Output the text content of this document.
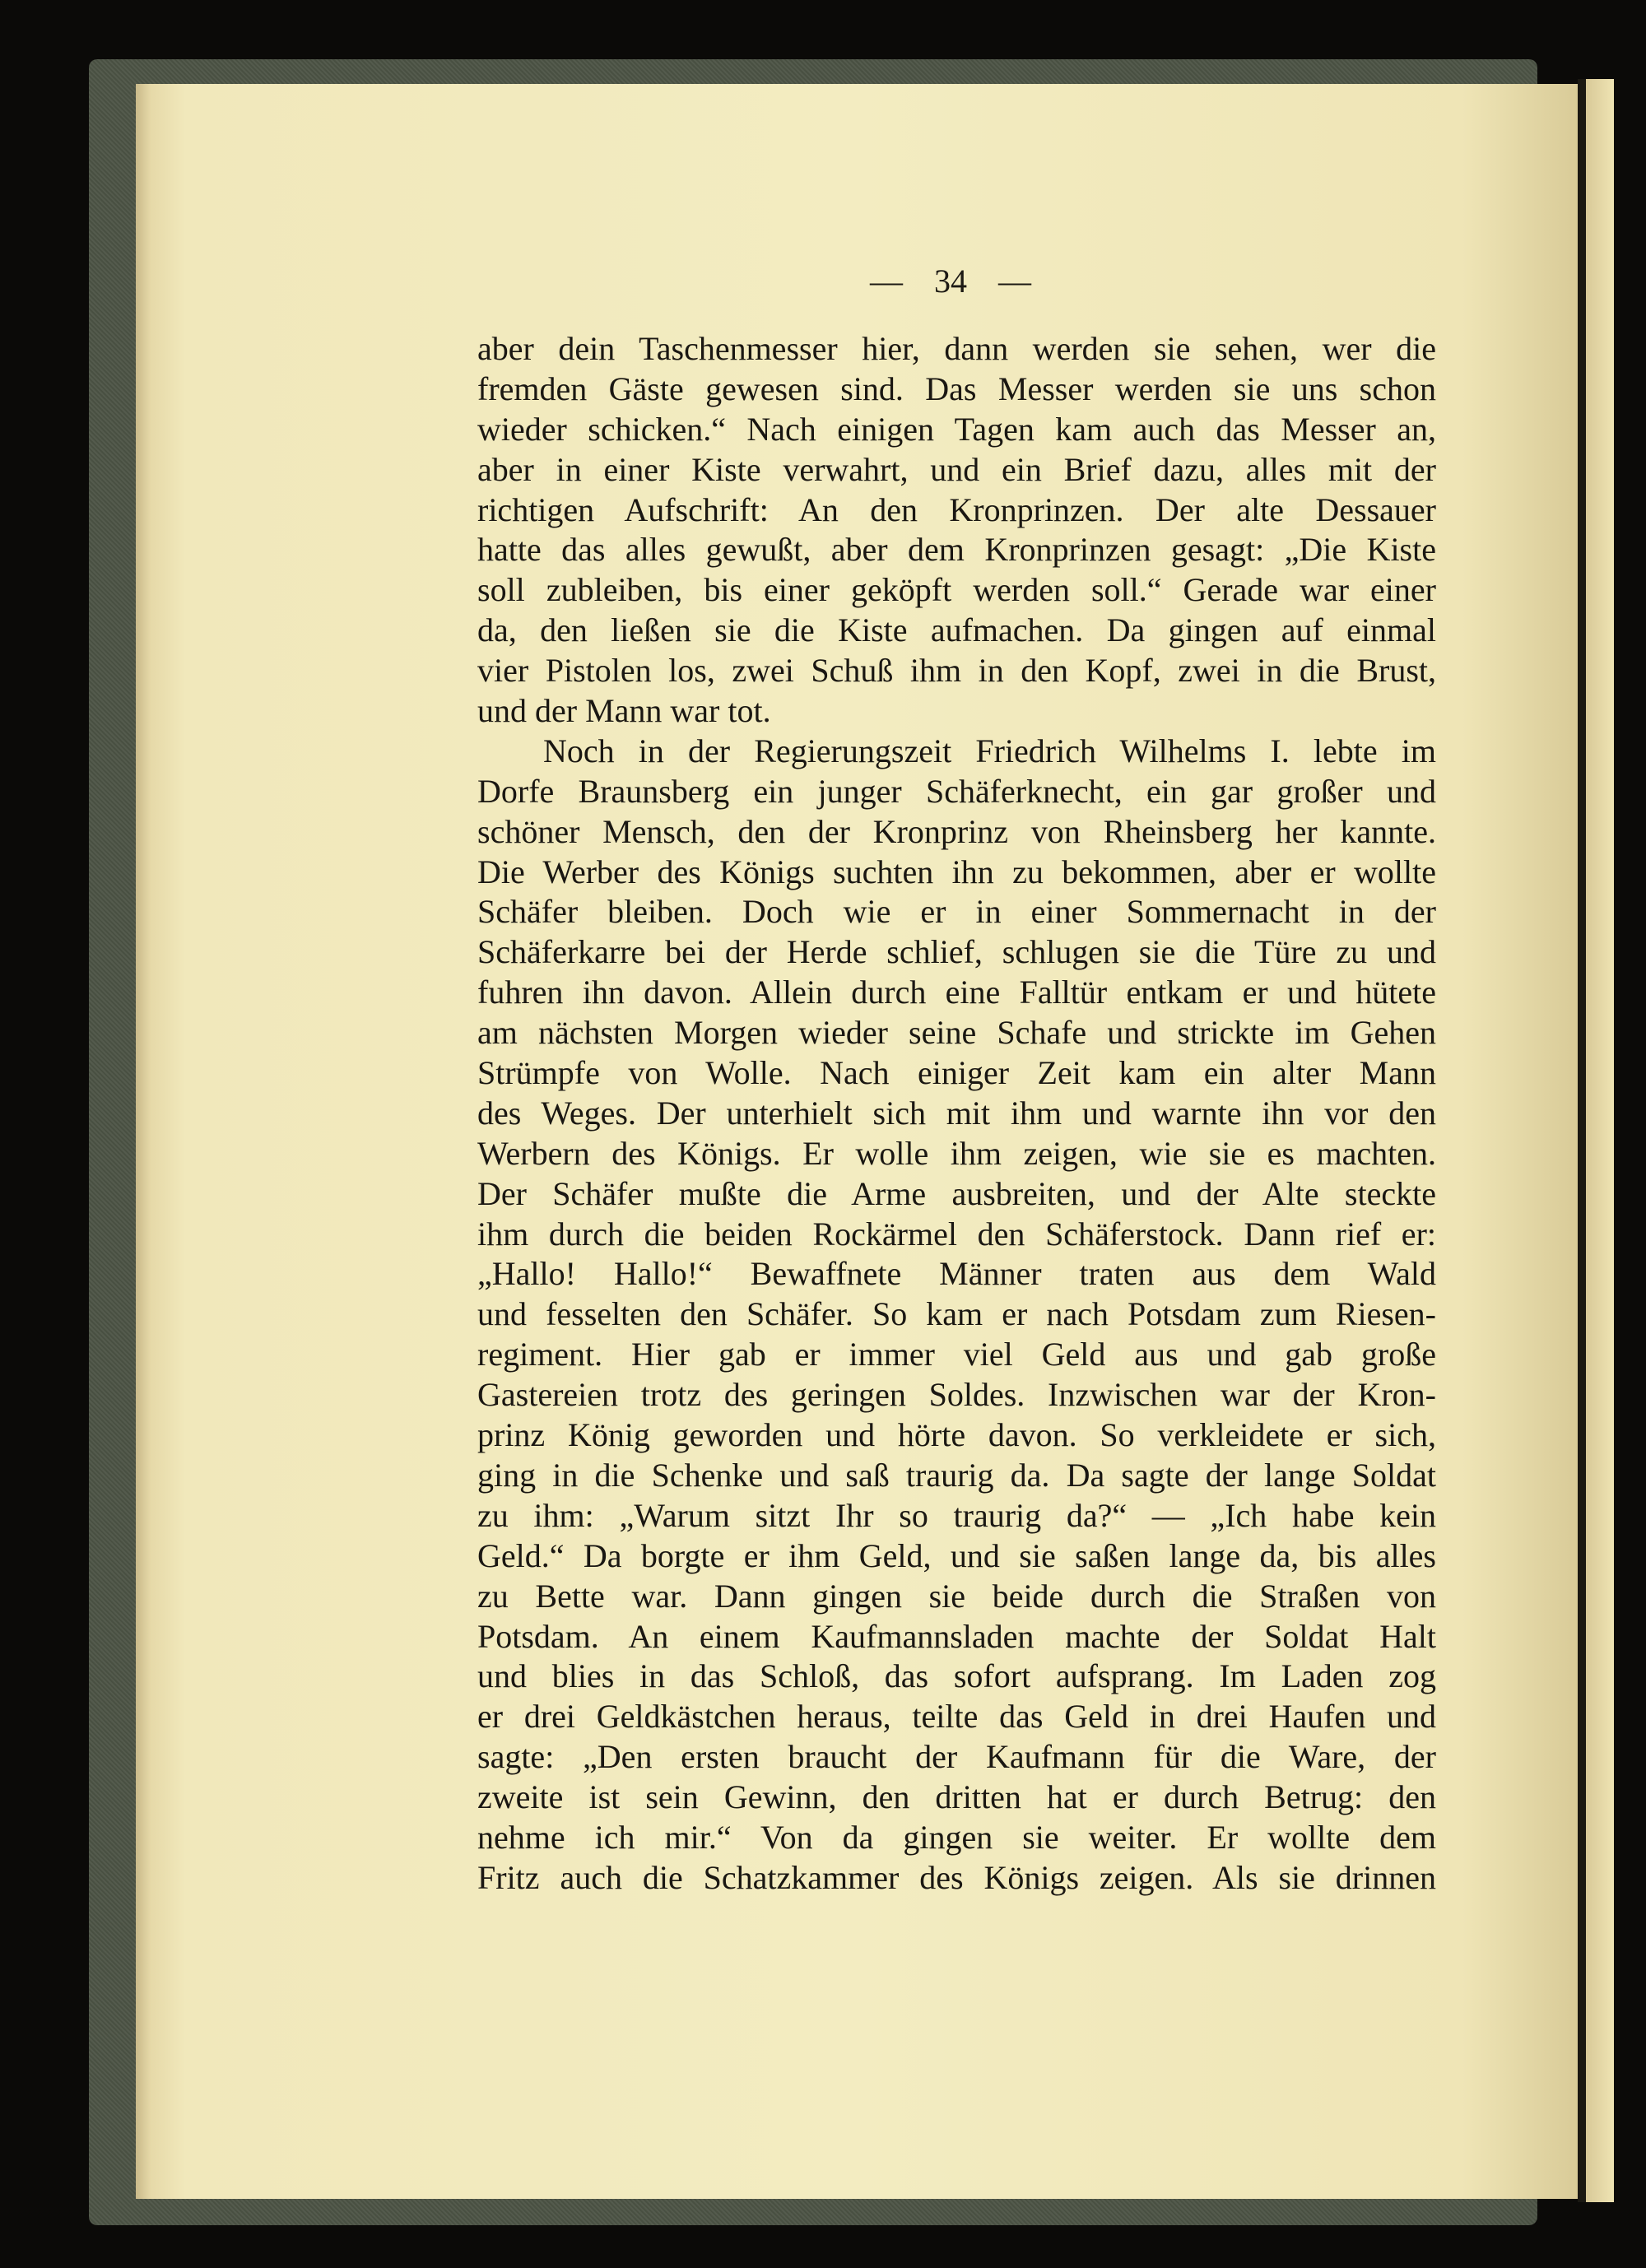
— 34 —
aber dein Taschenmesser hier, dann werden sie sehen, wer die
fremden Gäste gewesen sind. Das Messer werden sie uns schon
wieder schicken.“ Nach einigen Tagen kam auch das Messer an,
aber in einer Kiste verwahrt, und ein Brief dazu, alles mit der
richtigen Aufschrift: An den Kronprinzen. Der alte Dessauer
hatte das alles gewußt, aber dem Kronprinzen gesagt: „Die Kiste
soll zubleiben, bis einer geköpft werden soll.“ Gerade war einer
da, den ließen sie die Kiste aufmachen. Da gingen auf einmal
vier Pistolen los, zwei Schuß ihm in den Kopf, zwei in die Brust,
und der Mann war tot.
Noch in der Regierungszeit Friedrich Wilhelms I. lebte im
Dorfe Braunsberg ein junger Schäferknecht, ein gar großer und
schöner Mensch, den der Kronprinz von Rheinsberg her kannte.
Die Werber des Königs suchten ihn zu bekommen, aber er wollte
Schäfer bleiben. Doch wie er in einer Sommernacht in der
Schäferkarre bei der Herde schlief, schlugen sie die Türe zu und
fuhren ihn davon. Allein durch eine Falltür entkam er und hütete
am nächsten Morgen wieder seine Schafe und strickte im Gehen
Strümpfe von Wolle. Nach einiger Zeit kam ein alter Mann
des Weges. Der unterhielt sich mit ihm und warnte ihn vor den
Werbern des Königs. Er wolle ihm zeigen, wie sie es machten.
Der Schäfer mußte die Arme ausbreiten, und der Alte steckte
ihm durch die beiden Rockärmel den Schäferstock. Dann rief er:
„Hallo! Hallo!“ Bewaffnete Männer traten aus dem Wald
und fesselten den Schäfer. So kam er nach Potsdam zum Riesen-
regiment. Hier gab er immer viel Geld aus und gab große
Gastereien trotz des geringen Soldes. Inzwischen war der Kron-
prinz König geworden und hörte davon. So verkleidete er sich,
ging in die Schenke und saß traurig da. Da sagte der lange Soldat
zu ihm: „Warum sitzt Ihr so traurig da?“ — „Ich habe kein
Geld.“ Da borgte er ihm Geld, und sie saßen lange da, bis alles
zu Bette war. Dann gingen sie beide durch die Straßen von
Potsdam. An einem Kaufmannsladen machte der Soldat Halt
und blies in das Schloß, das sofort aufsprang. Im Laden zog
er drei Geldkästchen heraus, teilte das Geld in drei Haufen und
sagte: „Den ersten braucht der Kaufmann für die Ware, der
zweite ist sein Gewinn, den dritten hat er durch Betrug: den
nehme ich mir.“ Von da gingen sie weiter. Er wollte dem
Fritz auch die Schatzkammer des Königs zeigen. Als sie drinnen
